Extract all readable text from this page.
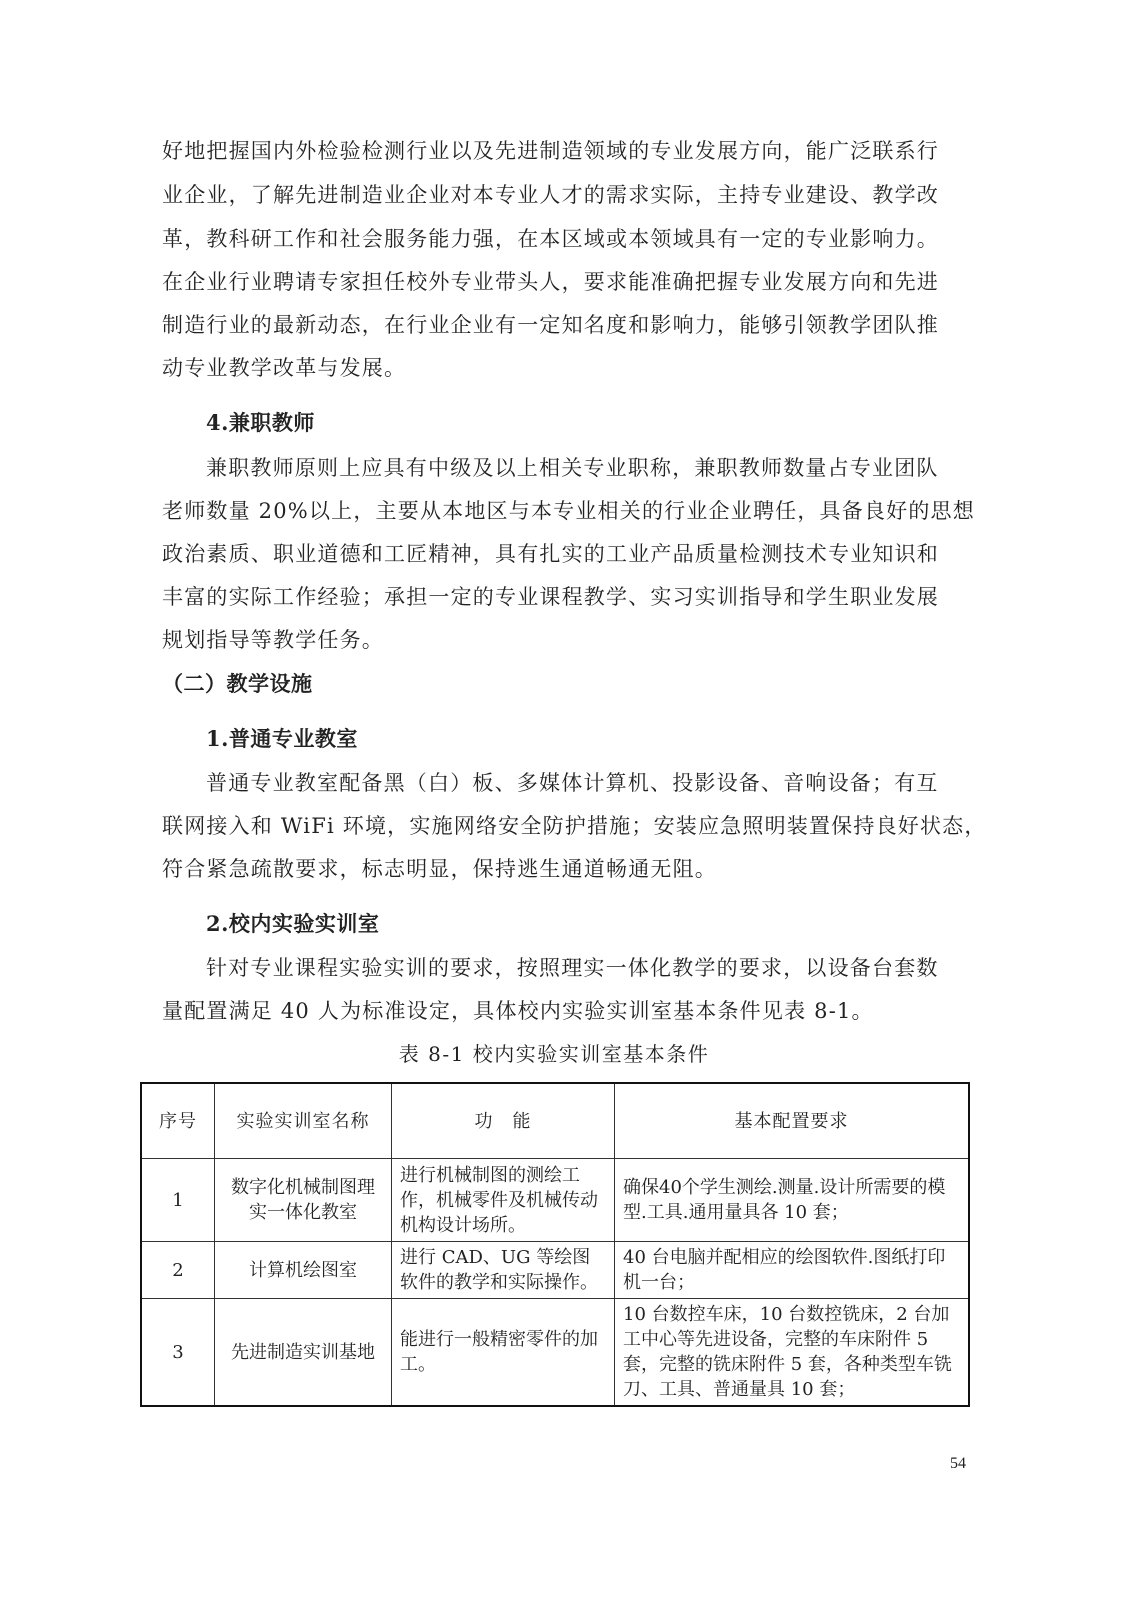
好地把握国内外检验检测行业以及先进制造领域的专业发展方向，能广泛联系行
业企业，了解先进制造业企业对本专业人才的需求实际，主持专业建设、教学改
革，教科研工作和社会服务能力强，在本区域或本领域具有一定的专业影响力。
在企业行业聘请专家担任校外专业带头人，要求能准确把握专业发展方向和先进
制造行业的最新动态，在行业企业有一定知名度和影响力，能够引领教学团队推
动专业教学改革与发展。
4.兼职教师
兼职教师原则上应具有中级及以上相关专业职称，兼职教师数量占专业团队
老师数量 20%以上，主要从本地区与本专业相关的行业企业聘任，具备良好的思想
政治素质、职业道德和工匠精神，具有扎实的工业产品质量检测技术专业知识和
丰富的实际工作经验；承担一定的专业课程教学、实习实训指导和学生职业发展
规划指导等教学任务。
（二）教学设施
1.普通专业教室
普通专业教室配备黑（白）板、多媒体计算机、投影设备、音响设备；有互
联网接入和 WiFi 环境，实施网络安全防护措施；安装应急照明装置保持良好状态，
符合紧急疏散要求，标志明显，保持逃生通道畅通无阻。
2.校内实验实训室
针对专业课程实验实训的要求，按照理实一体化教学的要求，以设备台套数
量配置满足 40 人为标准设定，具体校内实验实训室基本条件见表 8-1。
表 8-1 校内实验实训室基本条件
序号	实验实训室名称	功　能	基本配置要求
1	数字化机械制图理实一体化教室	进行机械制图的测绘工作，机械零件及机械传动机构设计场所。	确保40个学生测绘.测量.设计所需要的模型.工具.通用量具各 10 套；
2	计算机绘图室	进行 CAD、UG 等绘图软件的教学和实际操作。	40 台电脑并配相应的绘图软件.图纸打印机一台；
3	先进制造实训基地	能进行一般精密零件的加工。	10 台数控车床，10 台数控铣床，2 台加工中心等先进设备，完整的车床附件 5 套，完整的铣床附件 5 套，各种类型车铣刀、工具、普通量具 10 套；
54
